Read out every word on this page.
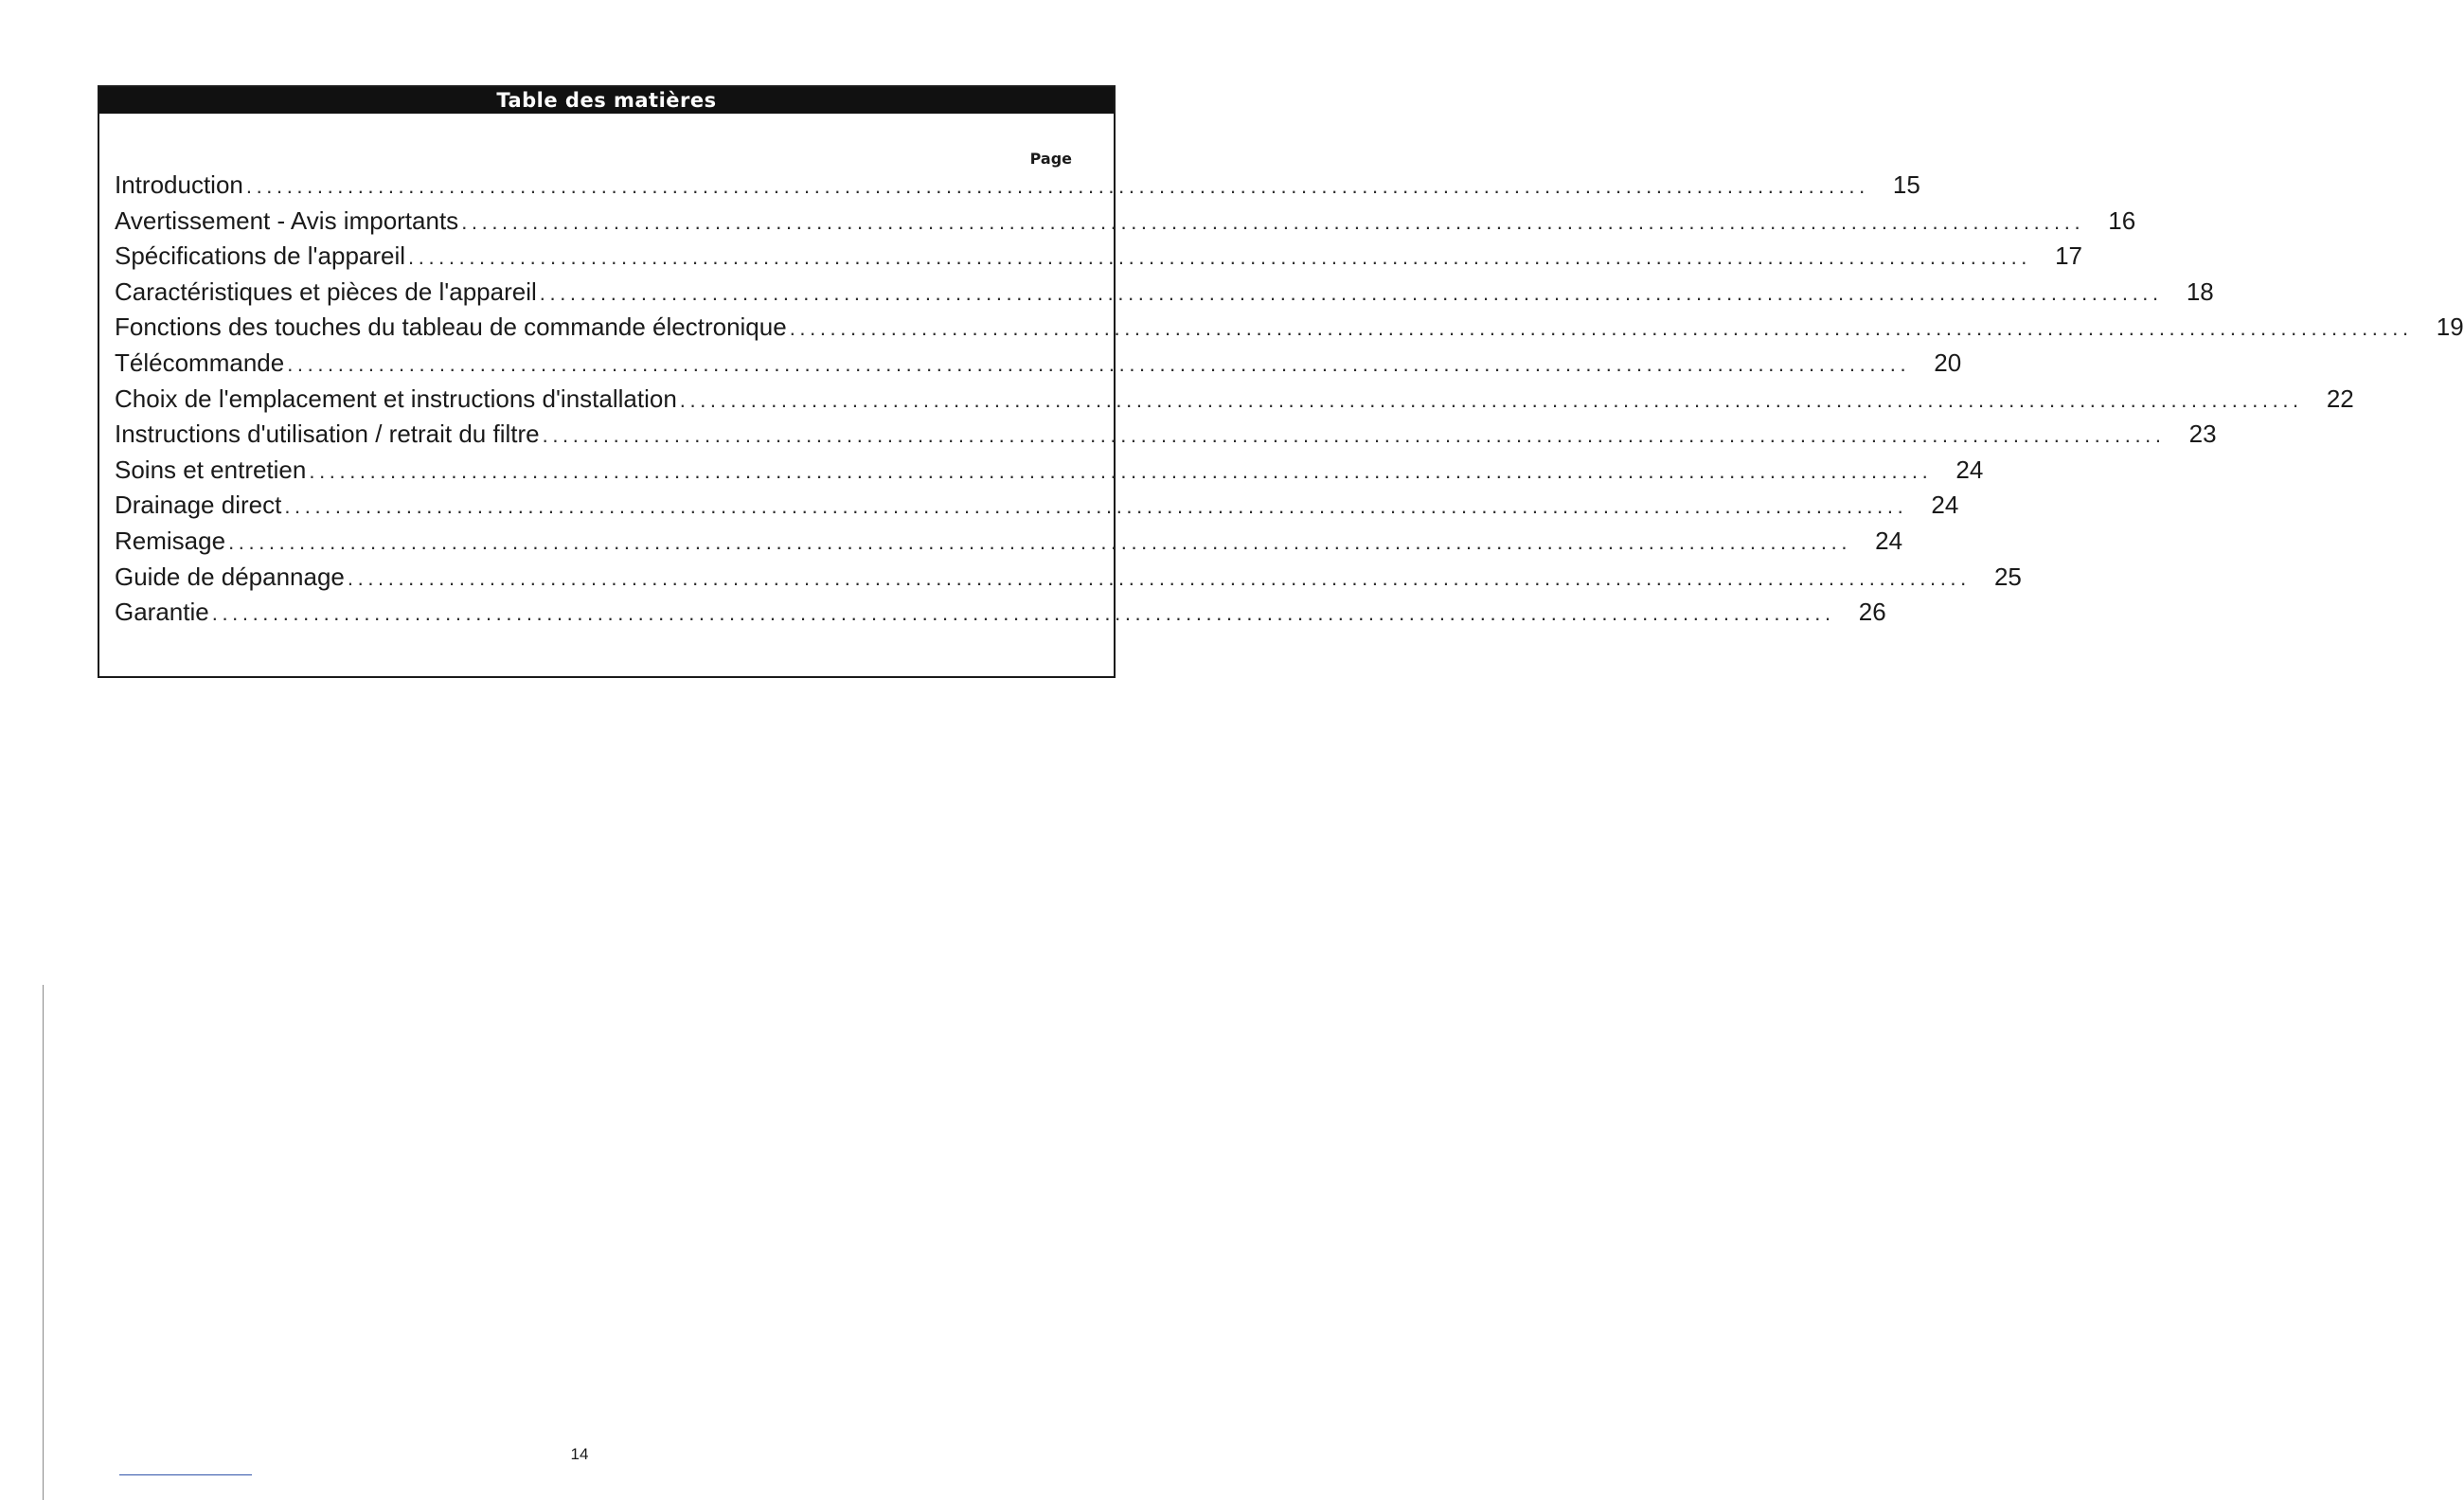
Table des matières
Page
Introduction ................................................................................................................................................................ 15
Avertissement - Avis importants ................................................................................................................................................................ 16
Spécifications de l'appareil ................................................................................................................................................................ 17
Caractéristiques et pièces de l'appareil ................................................................................................................................................................ 18
Fonctions des touches du tableau de commande électronique ................................................................................................................................................................ 19
Télécommande ................................................................................................................................................................ 20
Choix de l'emplacement et instructions d'installation ................................................................................................................................................................ 22
Instructions d'utilisation / retrait du filtre ................................................................................................................................................................ 23
Soins et entretien ................................................................................................................................................................ 24
Drainage direct ................................................................................................................................................................ 24
Remisage ................................................................................................................................................................ 24
Guide de dépannage ................................................................................................................................................................ 25
Garantie ................................................................................................................................................................ 26
14
